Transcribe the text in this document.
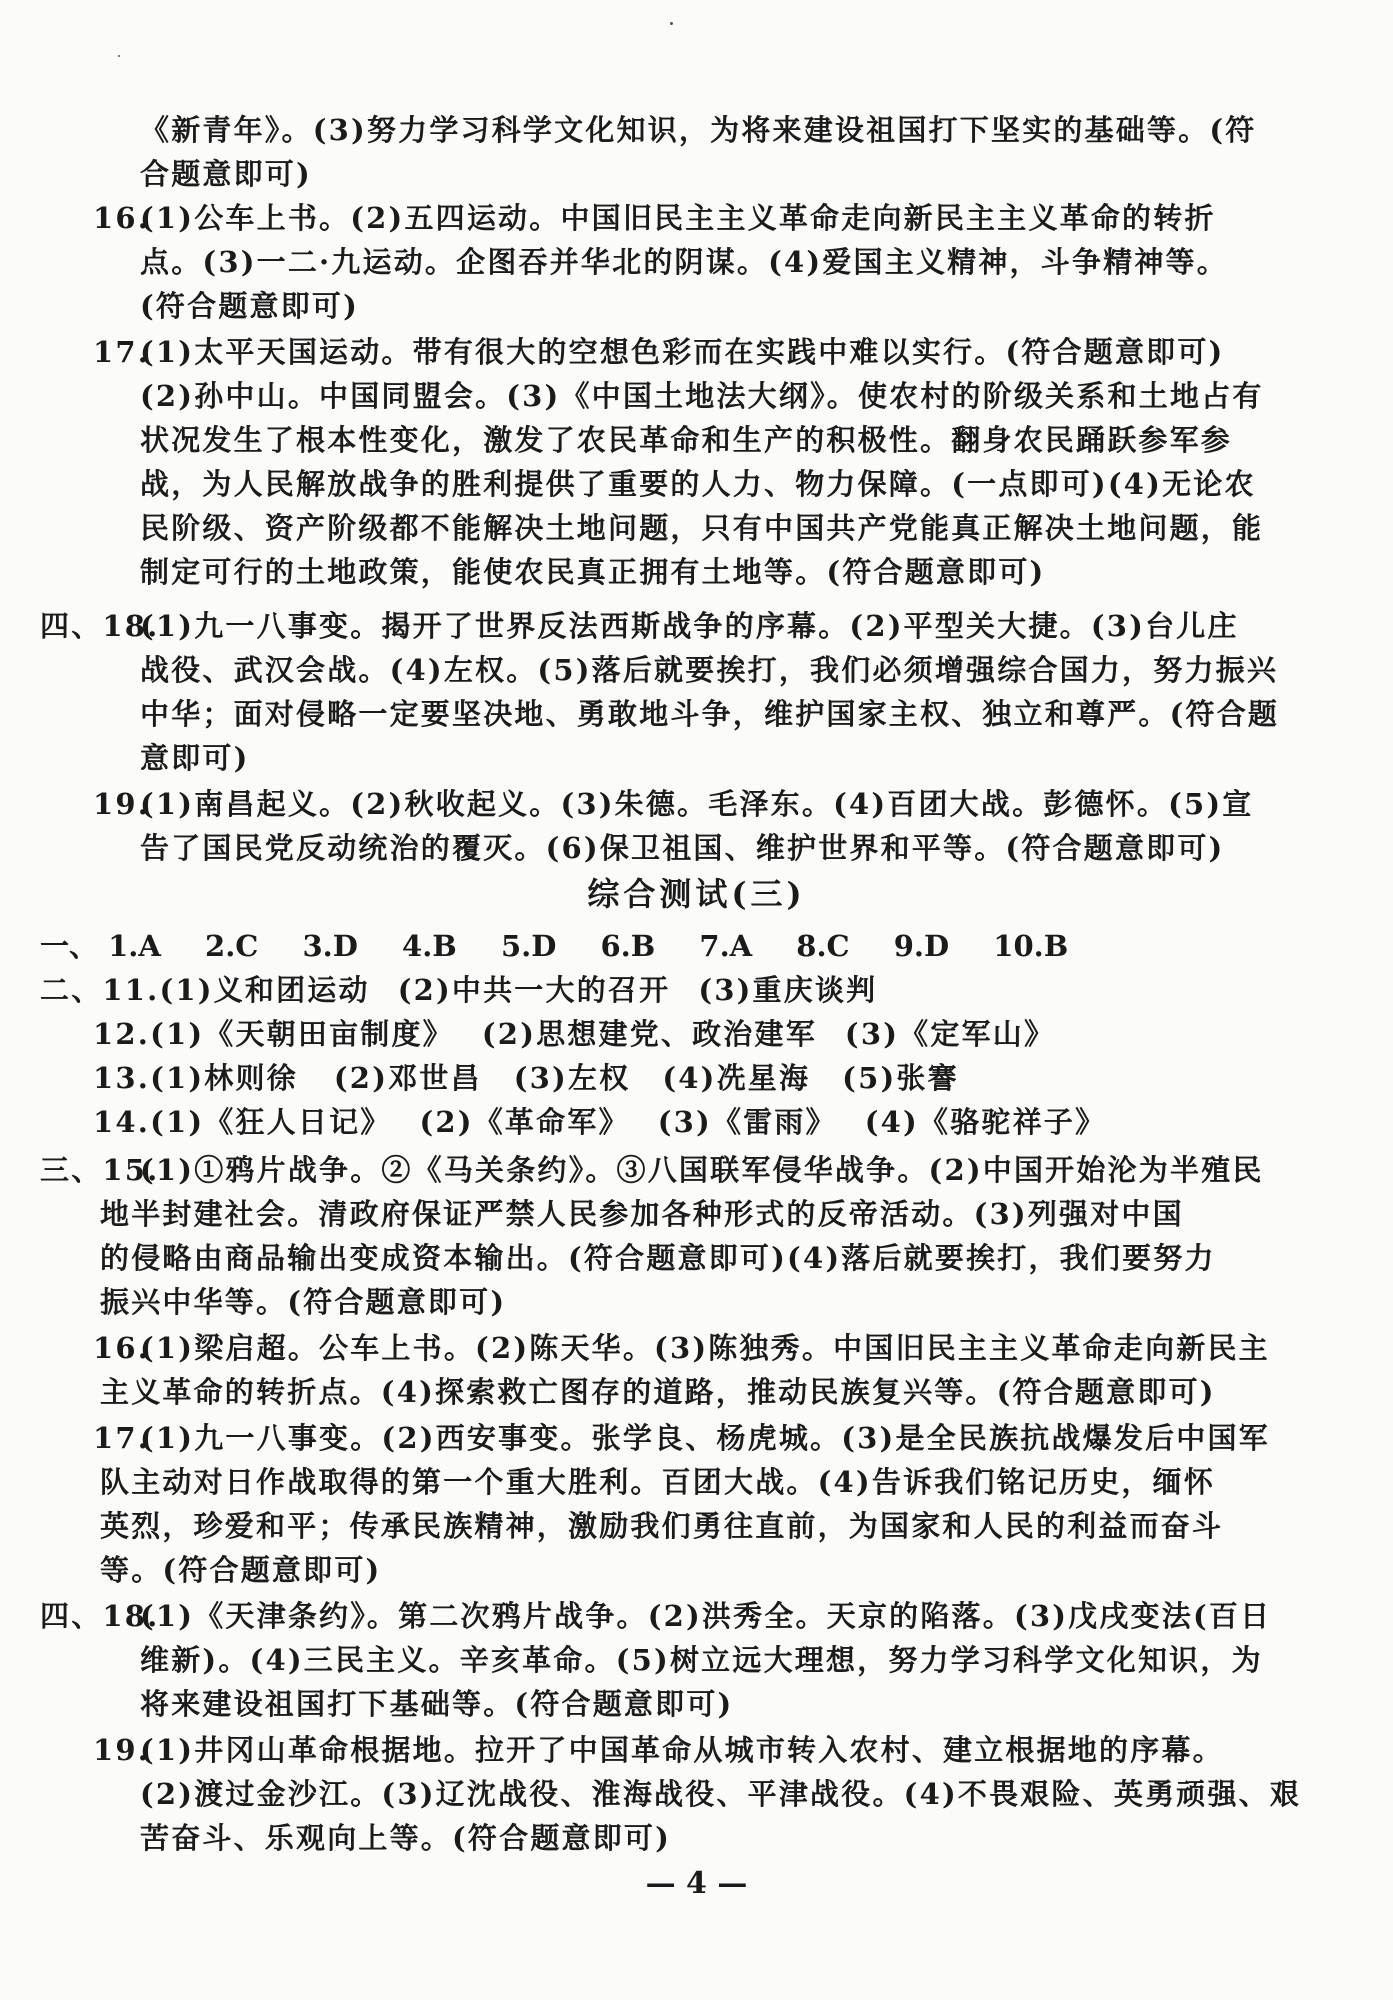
《新青年》。(3)努力学习科学文化知识，为将来建设祖国打下坚实的基础等。(符
合题意即可)
16.
(1)公车上书。(2)五四运动。中国旧民主主义革命走向新民主主义革命的转折
点。(3)一二·九运动。企图吞并华北的阴谋。(4)爱国主义精神，斗争精神等。
(符合题意即可)
17.
(1)太平天国运动。带有很大的空想色彩而在实践中难以实行。(符合题意即可)
(2)孙中山。中国同盟会。(3)《中国土地法大纲》。使农村的阶级关系和土地占有
状况发生了根本性变化，激发了农民革命和生产的积极性。翻身农民踊跃参军参
战，为人民解放战争的胜利提供了重要的人力、物力保障。(一点即可)(4)无论农
民阶级、资产阶级都不能解决土地问题，只有中国共产党能真正解决土地问题，能
制定可行的土地政策，能使农民真正拥有土地等。(符合题意即可)
四、18.
(1)九一八事变。揭开了世界反法西斯战争的序幕。(2)平型关大捷。(3)台儿庄
战役、武汉会战。(4)左权。(5)落后就要挨打，我们必须增强综合国力，努力振兴
中华；面对侵略一定要坚决地、勇敢地斗争，维护国家主权、独立和尊严。(符合题
意即可)
19.
(1)南昌起义。(2)秋收起义。(3)朱德。毛泽东。(4)百团大战。彭德怀。(5)宣
告了国民党反动统治的覆灭。(6)保卫祖国、维护世界和平等。(符合题意即可)
综合测试(三)
一、 1.A 2.C 3.D 4.B 5.D 6.B 7.A 8.C 9.D 10.B
二、11.(1)义和团运动 (2)中共一大的召开 (3)重庆谈判
12.(1)《天朝田亩制度》 (2)思想建党、政治建军 (3)《定军山》
13.(1)林则徐 (2)邓世昌 (3)左权 (4)冼星海 (5)张謇
14.(1)《狂人日记》 (2)《革命军》 (3)《雷雨》 (4)《骆驼祥子》
三、15.
(1)①鸦片战争。②《马关条约》。③八国联军侵华战争。(2)中国开始沦为半殖民
地半封建社会。清政府保证严禁人民参加各种形式的反帝活动。(3)列强对中国
的侵略由商品输出变成资本输出。(符合题意即可)(4)落后就要挨打，我们要努力
振兴中华等。(符合题意即可)
16.
(1)梁启超。公车上书。(2)陈天华。(3)陈独秀。中国旧民主主义革命走向新民主
主义革命的转折点。(4)探索救亡图存的道路，推动民族复兴等。(符合题意即可)
17.
(1)九一八事变。(2)西安事变。张学良、杨虎城。(3)是全民族抗战爆发后中国军
队主动对日作战取得的第一个重大胜利。百团大战。(4)告诉我们铭记历史，缅怀
英烈，珍爱和平；传承民族精神，激励我们勇往直前，为国家和人民的利益而奋斗
等。(符合题意即可)
四、18.
(1)《天津条约》。第二次鸦片战争。(2)洪秀全。天京的陷落。(3)戊戌变法(百日
维新)。(4)三民主义。辛亥革命。(5)树立远大理想，努力学习科学文化知识，为
将来建设祖国打下基础等。(符合题意即可)
19.
(1)井冈山革命根据地。拉开了中国革命从城市转入农村、建立根据地的序幕。
(2)渡过金沙江。(3)辽沈战役、淮海战役、平津战役。(4)不畏艰险、英勇顽强、艰
苦奋斗、乐观向上等。(符合题意即可)
— 4 —
